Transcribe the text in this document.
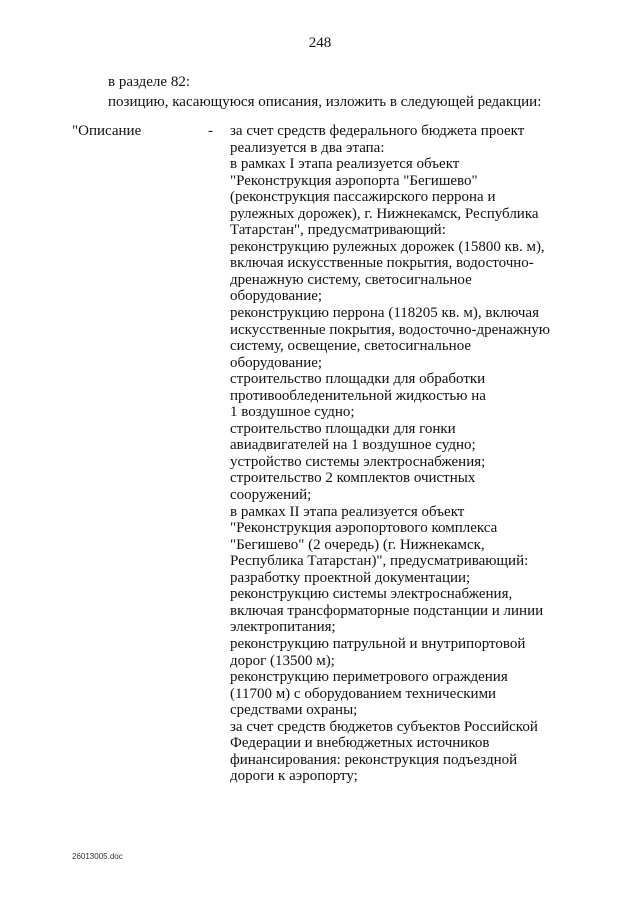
248
в разделе 82:
позицию, касающуюся описания, изложить в следующей редакции:
"Описание	- за счет средств федерального бюджета проект
реализуется в два этапа:
в рамках I этапа реализуется объект
"Реконструкция аэропорта "Бегишево"
(реконструкция пассажирского перрона и
рулежных дорожек), г. Нижнекамск, Республика
Татарстан", предусматривающий:
реконструкцию рулежных дорожек (15800 кв. м),
включая искусственные покрытия, водосточно-
дренажную систему, светосигнальное
оборудование;
реконструкцию перрона (118205 кв. м), включая
искусственные покрытия, водосточно-дренажную
систему, освещение, светосигнальное
оборудование;
строительство площадки для обработки
противообледенительной жидкостью на
1 воздушное судно;
строительство площадки для гонки
авиадвигателей на 1 воздушное судно;
устройство системы электроснабжения;
строительство 2 комплектов очистных
сооружений;
в рамках II этапа реализуется объект
"Реконструкция аэропортового комплекса
"Бегишево" (2 очередь) (г. Нижнекамск,
Республика Татарстан)", предусматривающий:
разработку проектной документации;
реконструкцию системы электроснабжения,
включая трансформаторные подстанции и линии
электропитания;
реконструкцию патрульной и внутрипортовой
дорог (13500 м);
реконструкцию периметрового ограждения
(11700 м) с оборудованием техническими
средствами охраны;
за счет средств бюджетов субъектов Российской
Федерации и внебюджетных источников
финансирования: реконструкция подъездной
дороги к аэропорту;
26013005.doc
